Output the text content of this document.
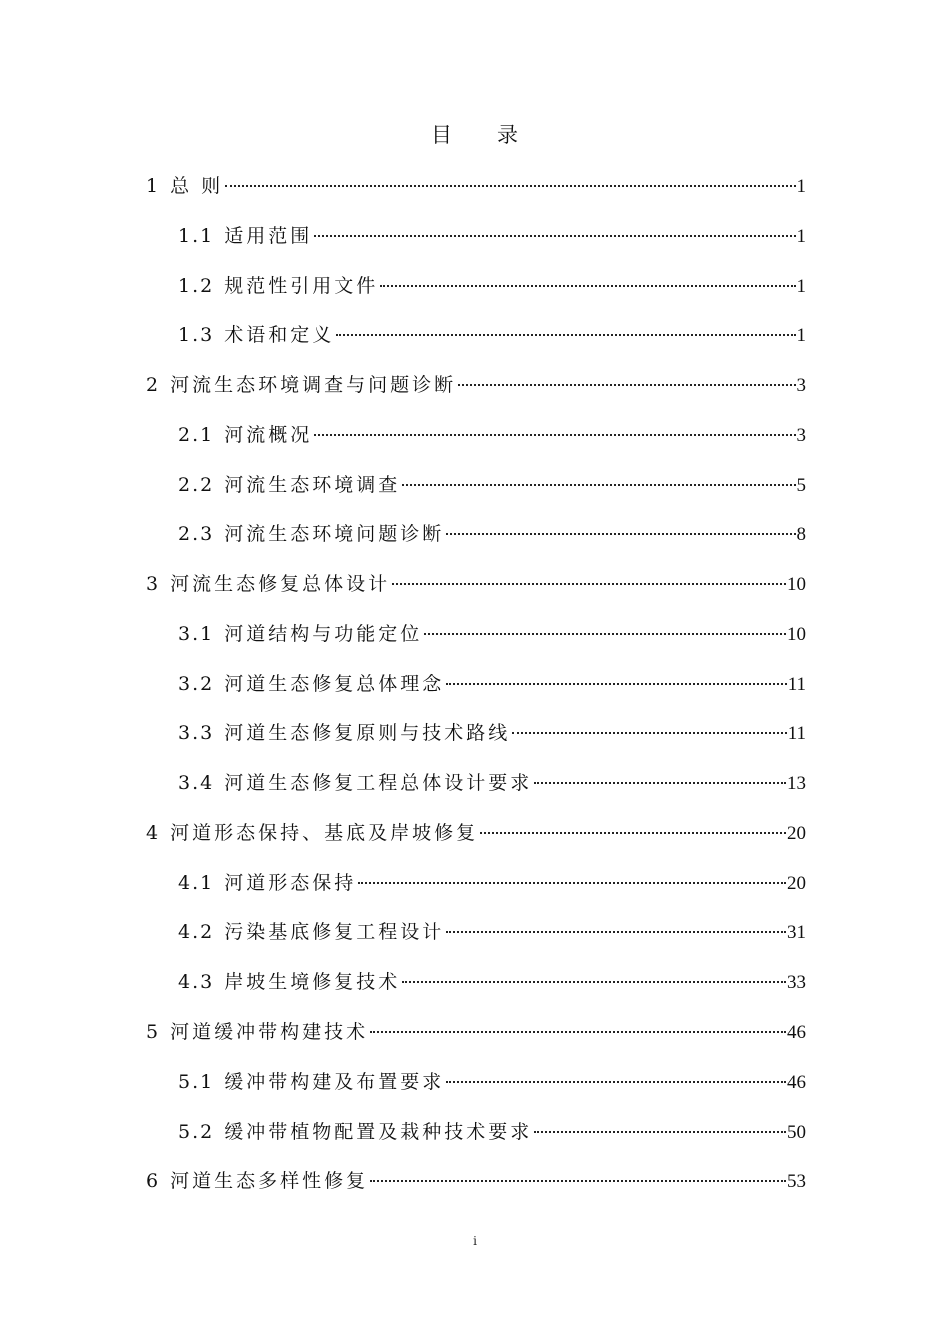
目　　录
1 总 则	1
1.1 适用范围	1
1.2 规范性引用文件	1
1.3 术语和定义	1
2 河流生态环境调查与问题诊断	3
2.1 河流概况	3
2.2 河流生态环境调查	5
2.3 河流生态环境问题诊断	8
3 河流生态修复总体设计	10
3.1 河道结构与功能定位	10
3.2 河道生态修复总体理念	11
3.3 河道生态修复原则与技术路线	11
3.4 河道生态修复工程总体设计要求	13
4 河道形态保持、基底及岸坡修复	20
4.1 河道形态保持	20
4.2 污染基底修复工程设计	31
4.3 岸坡生境修复技术	33
5 河道缓冲带构建技术	46
5.1 缓冲带构建及布置要求	46
5.2 缓冲带植物配置及栽种技术要求	50
6 河道生态多样性修复	53
i
